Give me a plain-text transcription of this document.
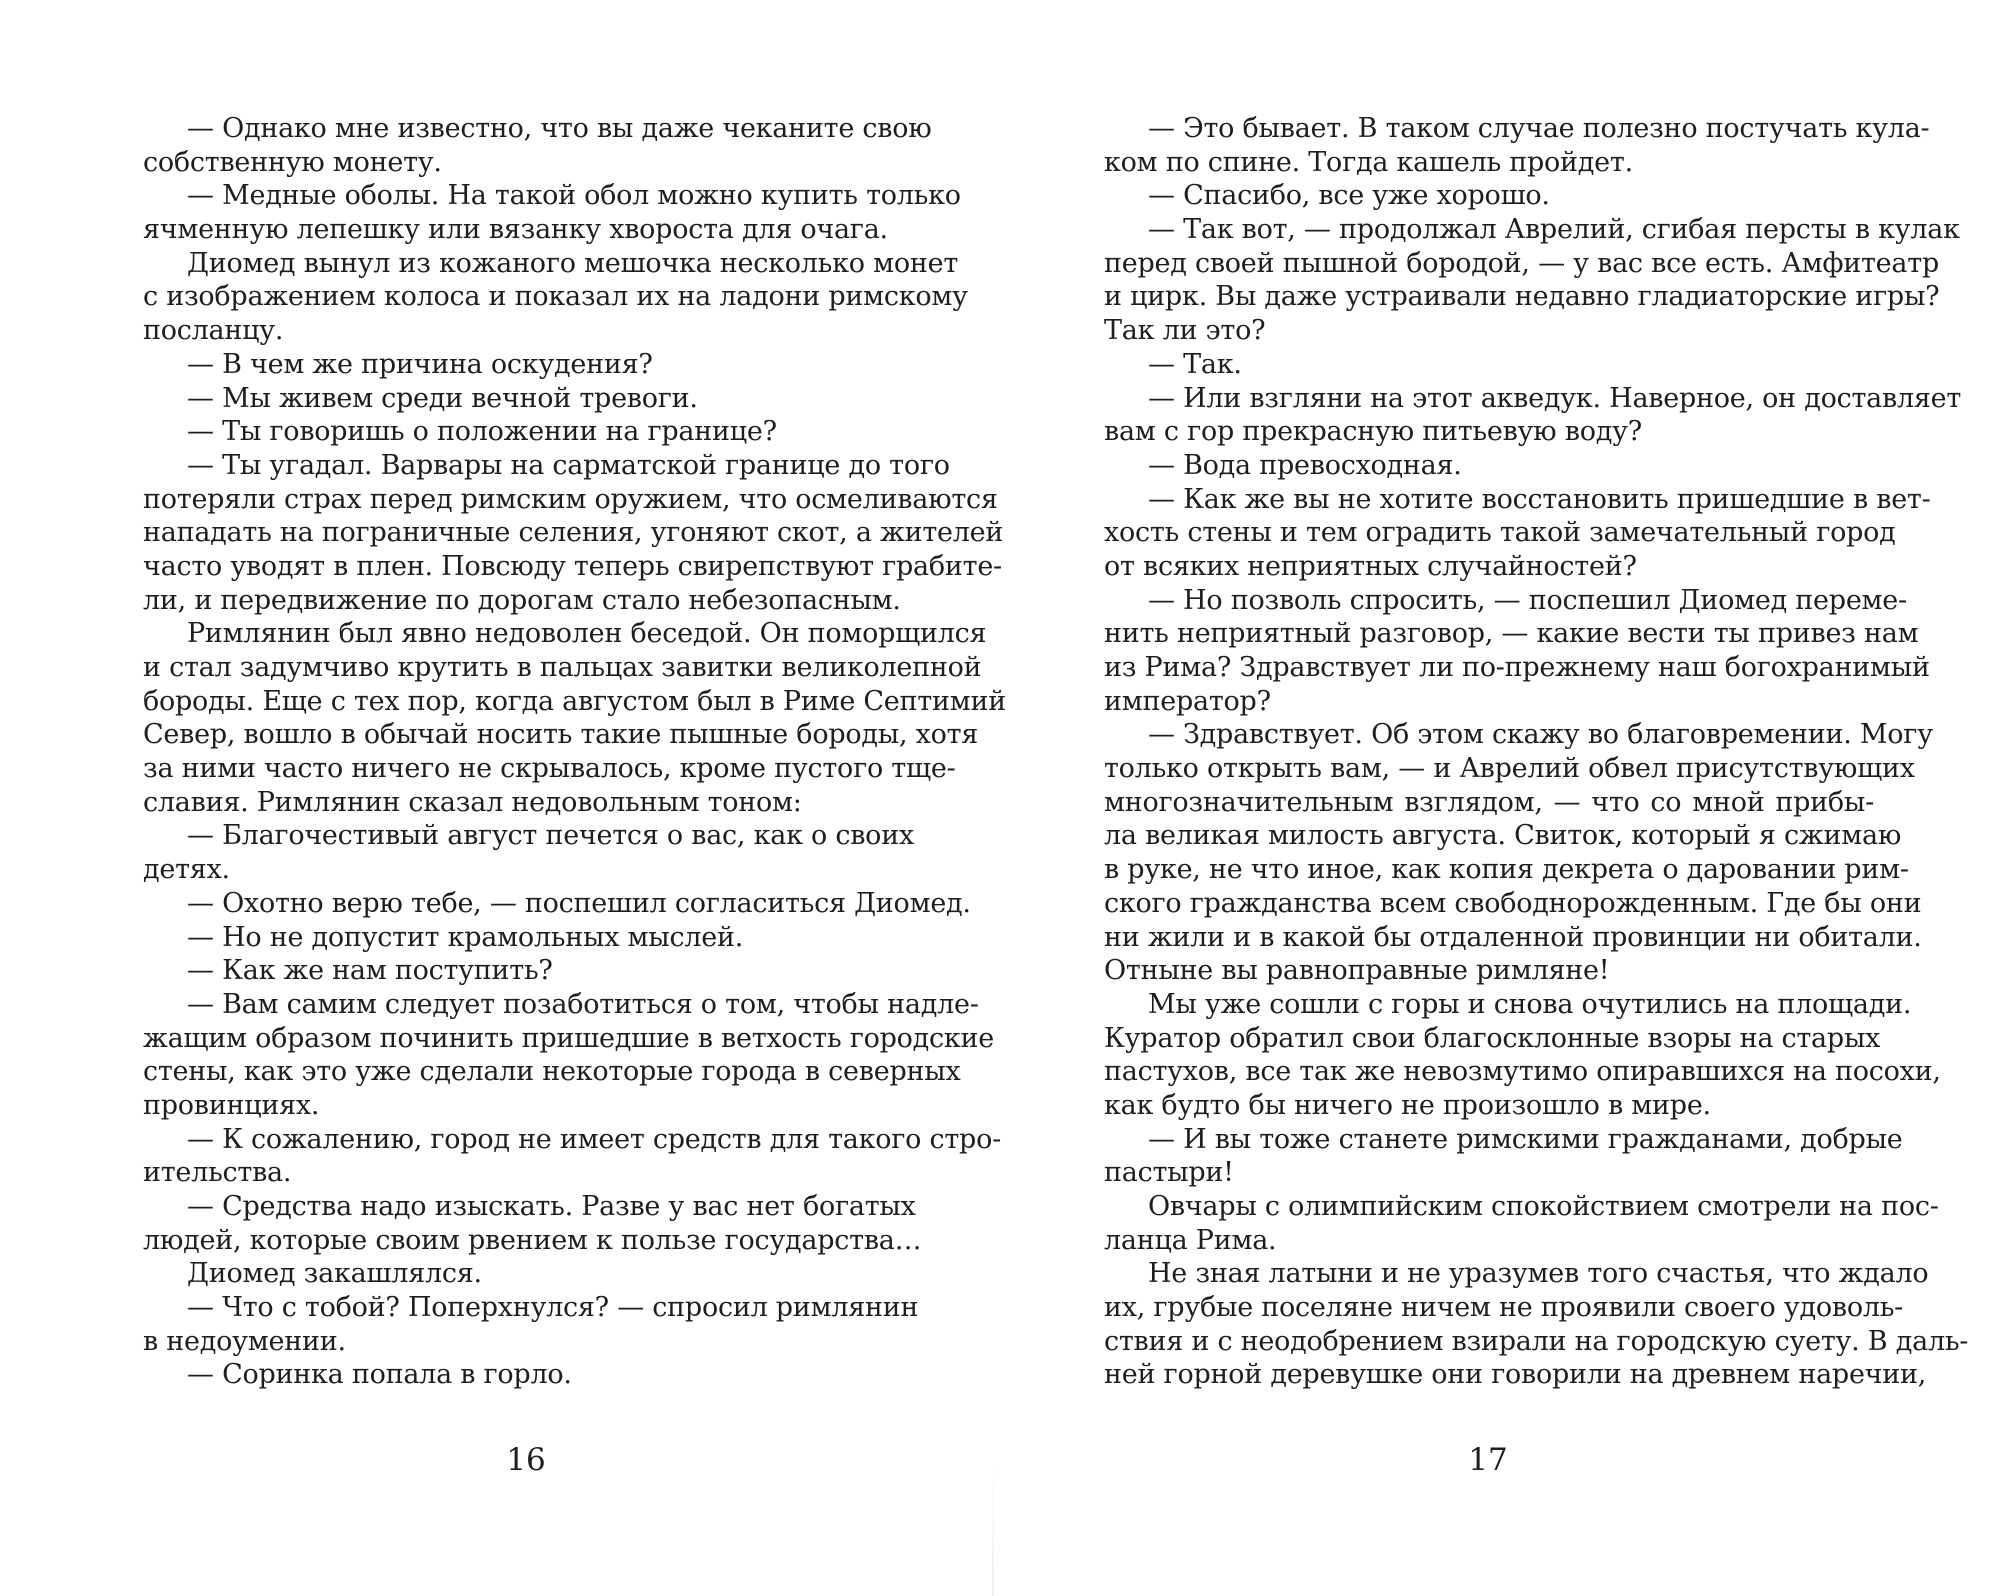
— Однако мне известно, что вы даже чеканите свою
собственную монету.
— Медные оболы. На такой обол можно купить только
ячменную лепешку или вязанку хвороста для очага.
Диомед вынул из кожаного мешочка несколько монет
с изображением колоса и показал их на ладони римскому
посланцу.
— В чем же причина оскудения?
— Мы живем среди вечной тревоги.
— Ты говоришь о положении на границе?
— Ты угадал. Варвары на сарматской границе до того
потеряли страх перед римским оружием, что осмеливаются
нападать на пограничные селения, угоняют скот, а жителей
часто уводят в плен. Повсюду теперь свирепствуют грабите-
ли, и передвижение по дорогам стало небезопасным.
Римлянин был явно недоволен беседой. Он поморщился
и стал задумчиво крутить в пальцах завитки великолепной
бороды. Еще с тех пор, когда августом был в Риме Септимий
Север, вошло в обычай носить такие пышные бороды, хотя
за ними часто ничего не скрывалось, кроме пустого тще-
славия. Римлянин сказал недовольным тоном:
— Благочестивый август печется о вас, как о своих
детях.
— Охотно верю тебе, — поспешил согласиться Диомед.
— Но не допустит крамольных мыслей.
— Как же нам поступить?
— Вам самим следует позаботиться о том, чтобы надле-
жащим образом починить пришедшие в ветхость городские
стены, как это уже сделали некоторые города в северных
провинциях.
— К сожалению, город не имеет средств для такого стро-
ительства.
— Средства надо изыскать. Разве у вас нет богатых
людей, которые своим рвением к пользе государства…
Диомед закашлялся.
— Что с тобой? Поперхнулся? — спросил римлянин
в недоумении.
— Соринка попала в горло.
— Это бывает. В таком случае полезно постучать кула-
ком по спине. Тогда кашель пройдет.
— Спасибо, все уже хорошо.
— Так вот, — продолжал Аврелий, сгибая персты в кулак
перед своей пышной бородой, — у вас все есть. Амфитеатр
и цирк. Вы даже устраивали недавно гладиаторские игры?
Так ли это?
— Так.
— Или взгляни на этот акведук. Наверное, он доставляет
вам с гор прекрасную питьевую воду?
— Вода превосходная.
— Как же вы не хотите восстановить пришедшие в вет-
хость стены и тем оградить такой замечательный город
от всяких неприятных случайностей?
— Но позволь спросить, — поспешил Диомед переме-
нить неприятный разговор, — какие вести ты привез нам
из Рима? Здравствует ли по-прежнему наш богохранимый
император?
— Здравствует. Об этом скажу во благовремении. Могу
только открыть вам, — и Аврелий обвел присутствующих
многозначительным взглядом, — что со мной прибы-
ла великая милость августа. Свиток, который я сжимаю
в руке, не что иное, как копия декрета о даровании рим-
ского гражданства всем свободнорожденным. Где бы они
ни жили и в какой бы отдаленной провинции ни обитали.
Отныне вы равноправные римляне!
Мы уже сошли с горы и снова очутились на площади.
Куратор обратил свои благосклонные взоры на старых
пастухов, все так же невозмутимо опиравшихся на посохи,
как будто бы ничего не произошло в мире.
— И вы тоже станете римскими гражданами, добрые
пастыри!
Овчары с олимпийским спокойствием смотрели на пос-
ланца Рима.
Не зная латыни и не уразумев того счастья, что ждало
их, грубые поселяне ничем не проявили своего удоволь-
ствия и с неодобрением взирали на городскую суету. В даль-
ней горной деревушке они говорили на древнем наречии,
16	17
